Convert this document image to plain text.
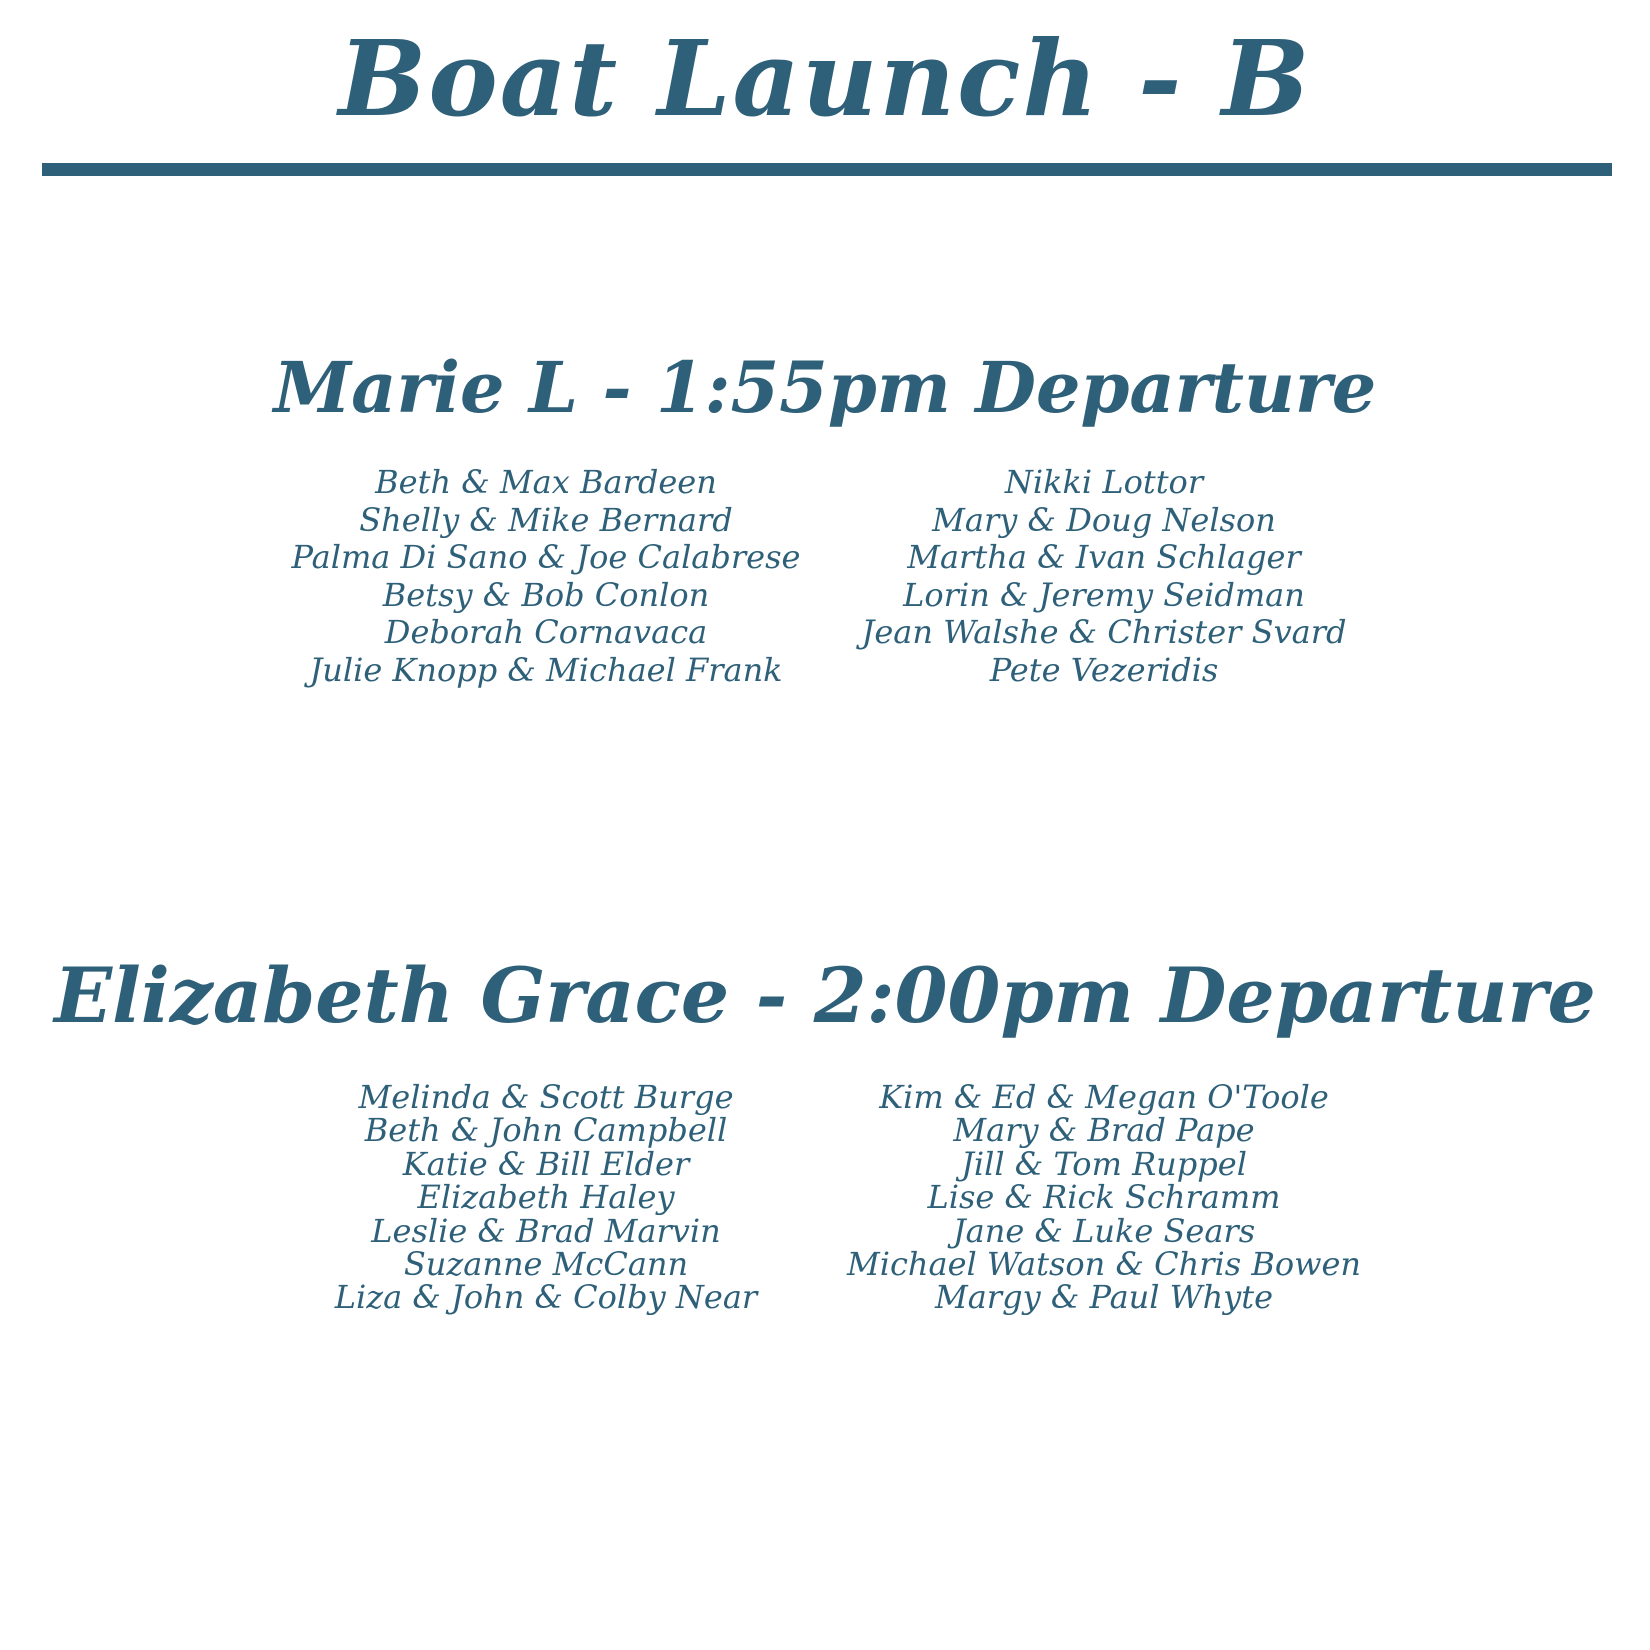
Boat Launch - B
Marie L - 1:55pm Departure
Beth & Max Bardeen
Shelly & Mike Bernard
Palma Di Sano & Joe Calabrese
Betsy & Bob Conlon
Deborah Cornavaca
Julie Knopp & Michael Frank
Nikki Lottor
Mary & Doug Nelson
Martha & Ivan Schlager
Lorin & Jeremy Seidman
Jean Walshe & Christer Svard
Pete Vezeridis
Elizabeth Grace - 2:00pm Departure
Melinda & Scott Burge
Beth & John Campbell
Katie & Bill Elder
Elizabeth Haley
Leslie & Brad Marvin
Suzanne McCann
Liza & John & Colby Near
Kim & Ed & Megan O'Toole
Mary & Brad Pape
Jill & Tom Ruppel
Lise & Rick Schramm
Jane & Luke Sears
Michael Watson & Chris Bowen
Margy & Paul Whyte
